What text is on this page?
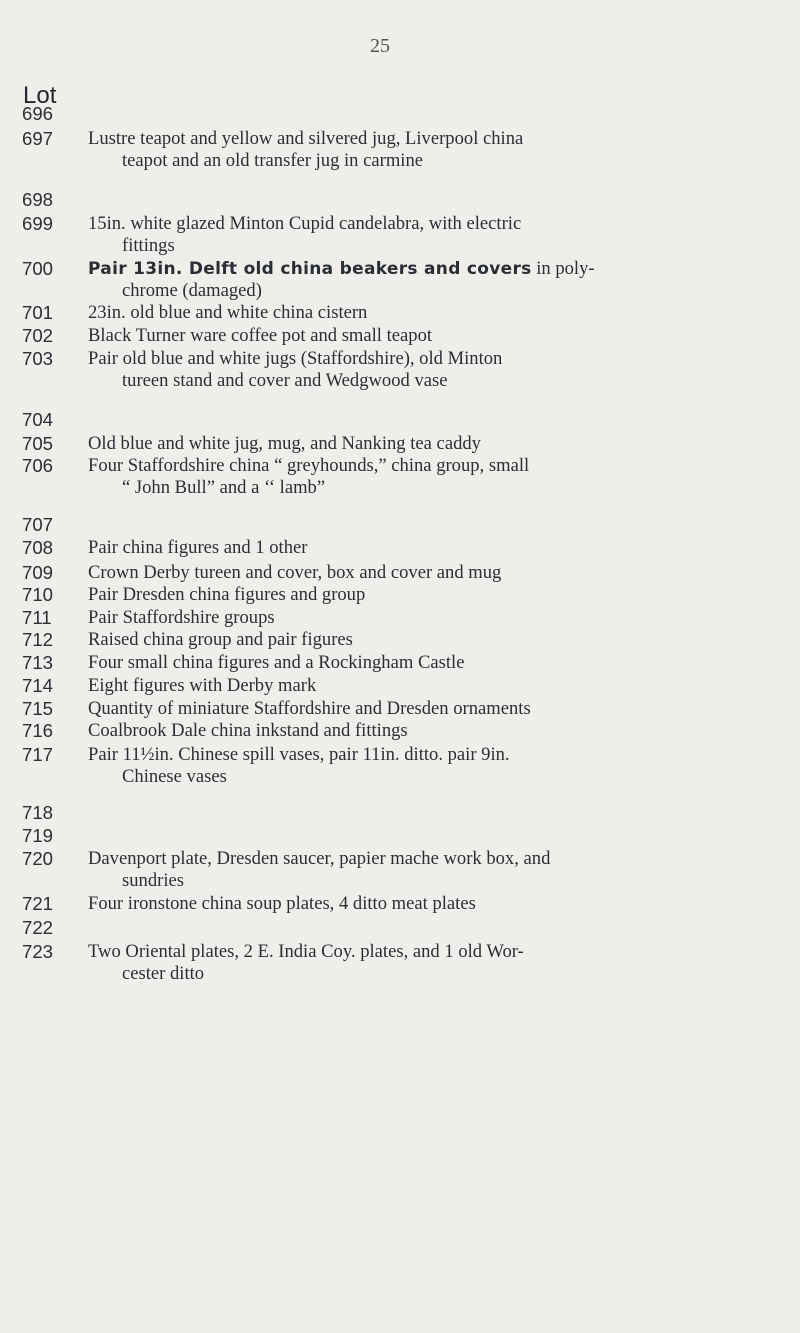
25
Lot
696
697	Lustre teapot and yellow and silvered jug, Liverpool china
teapot and an old transfer jug in carmine
698
699	15in. white glazed Minton Cupid candelabra, with electric
fittings
700	Pair 13in. Delft old china beakers and covers in poly-
chrome (damaged)
701	23in. old blue and white china cistern
702	Black Turner ware coffee pot and small teapot
703	Pair old blue and white jugs (Staffordshire), old Minton
tureen stand and cover and Wedgwood vase
704
705	Old blue and white jug, mug, and Nanking tea caddy
706	Four Staffordshire china “ greyhounds,” china group, small
“ John Bull” and a ‘‘ lamb”
707
708	Pair china figures and 1 other
709	Crown Derby tureen and cover, box and cover and mug
710	Pair Dresden china figures and group
711	Pair Staffordshire groups
712	Raised china group and pair figures
713	Four small china figures and a Rockingham Castle
714	Eight figures with Derby mark
715	Quantity of miniature Staffordshire and Dresden ornaments
716	Coalbrook Dale china inkstand and fittings
717	Pair 11½in. Chinese spill vases, pair 11in. ditto. pair 9in.
Chinese vases
718
719
720	Davenport plate, Dresden saucer, papier mache work box, and
sundries
721	Four ironstone china soup plates, 4 ditto meat plates
722
723	Two Oriental plates, 2 E. India Coy. plates, and 1 old Wor-
cester ditto
